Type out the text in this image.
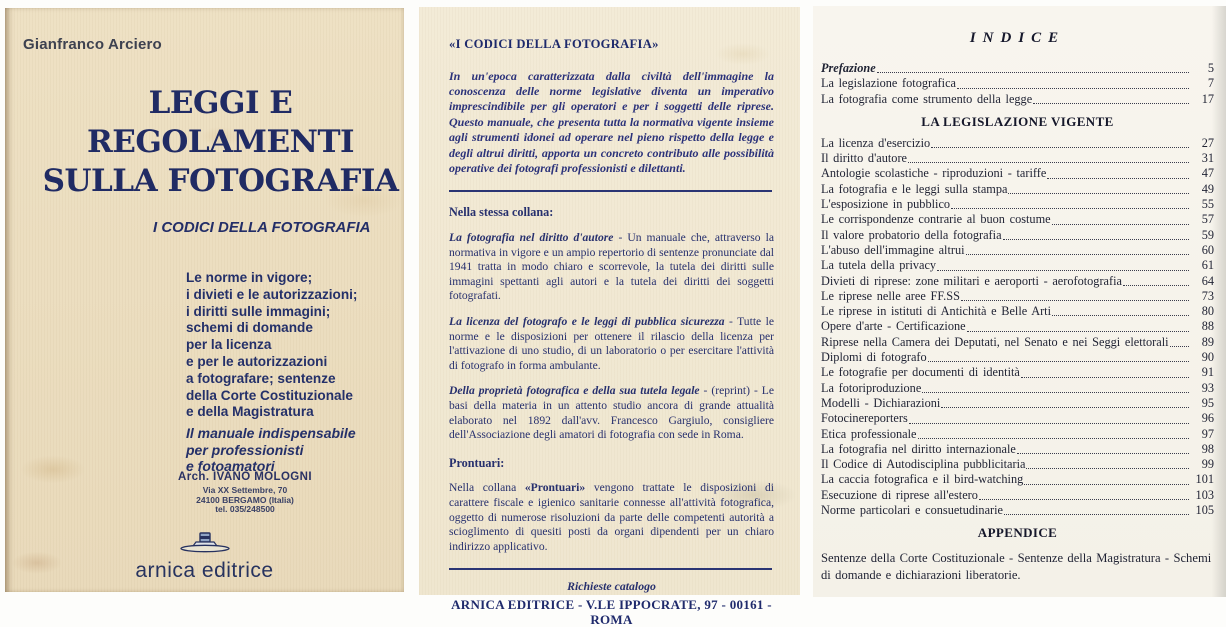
Gianfranco Arciero
LEGGI E REGOLAMENTI
SULLA FOTOGRAFIA
I CODICI DELLA FOTOGRAFIA
Le norme in vigore;
i divieti e le autorizzazioni;
i diritti sulle immagini;
schemi di domande
per la licenza
e per le autorizzazioni
a fotografare; sentenze
della Corte Costituzionale
e della Magistratura
Il manuale indispensabile
per professionisti
e fotoamatori
Arch. IVANO MOLOGNI
Via XX Settembre, 70
24100 BERGAMO (Italia)
tel. 035/248500
arnica editrice
«I CODICI DELLA FOTOGRAFIA»

In un'epoca caratterizzata dalla civiltà dell'immagine la conoscenza delle norme legislative diventa un imperativo imprescindibile per gli operatori e per i soggetti delle riprese. Questo manuale, che presenta tutta la normativa vigente insieme agli strumenti idonei ad operare nel pieno rispetto della legge e degli altrui diritti, apporta un concreto contributo alle possibilità operative dei fotografi professionisti e dilettanti.

Nella stessa collana:

La fotografia nel diritto d'autore - Un manuale che, attraverso la normativa in vigore e un ampio repertorio di sentenze pronunciate dal 1941 tratta in modo chiaro e scorrevole, la tutela dei diritti sulle immagini spettanti agli autori e la tutela dei diritti dei soggetti fotografati.

La licenza del fotografo e le leggi di pubblica sicurezza - Tutte le norme e le disposizioni per ottenere il rilascio della licenza per l'attivazione di uno studio, di un laboratorio o per esercitare l'attività di fotografo in forma ambulante.

Della proprietà fotografica e della sua tutela legale - (reprint) - Le basi della materia in un attento studio ancora di grande attualità elaborato nel 1892 dall'avv. Francesco Gargiulo, consigliere dell'Associazione degli amatori di fotografia con sede in Roma.

Prontuari:

Nella collana «Prontuari» vengono trattate le disposizioni di carattere fiscale e igienico sanitarie connesse all'attività fotografica, oggetto di numerose risoluzioni da parte delle competenti autorità a scioglimento di quesiti posti da organi dipendenti per un chiaro indirizzo applicativo.

Richieste catalogo
ARNICA EDITRICE - V.LE IPPOCRATE, 97 - 00161 - ROMA
INDICE
Prefazione	5
La legislazione fotografica	7
La fotografia come strumento della legge	17
LA LEGISLAZIONE VIGENTE
La licenza d'esercizio	27
Il diritto d'autore	31
Antologie scolastiche - riproduzioni - tariffe	47
La fotografia e le leggi sulla stampa	49
L'esposizione in pubblico	55
Le corrispondenze contrarie al buon costume	57
Il valore probatorio della fotografia	59
L'abuso dell'immagine altrui	60
La tutela della privacy	61
Divieti di riprese: zone militari e aeroporti - aerofotografia	64
Le riprese nelle aree FF.SS	73
Le riprese in istituti di Antichità e Belle Arti	80
Opere d'arte - Certificazione	88
Riprese nella Camera dei Deputati, nel Senato e nei Seggi elettorali	89
Diplomi di fotografo	90
Le fotografie per documenti di identità	91
La fotoriproduzione	93
Modelli - Dichiarazioni	95
Fotocinereporters	96
Etica professionale	97
La fotografia nel diritto internazionale	98
Il Codice di Autodisciplina pubblicitaria	99
La caccia fotografica e il bird-watching	101
Esecuzione di riprese all'estero	103
Norme particolari e consuetudinarie	105
APPENDICE
Sentenze della Corte Costituzionale - Sentenze della Magistratura - Schemi di domande e dichiarazioni liberatorie.
